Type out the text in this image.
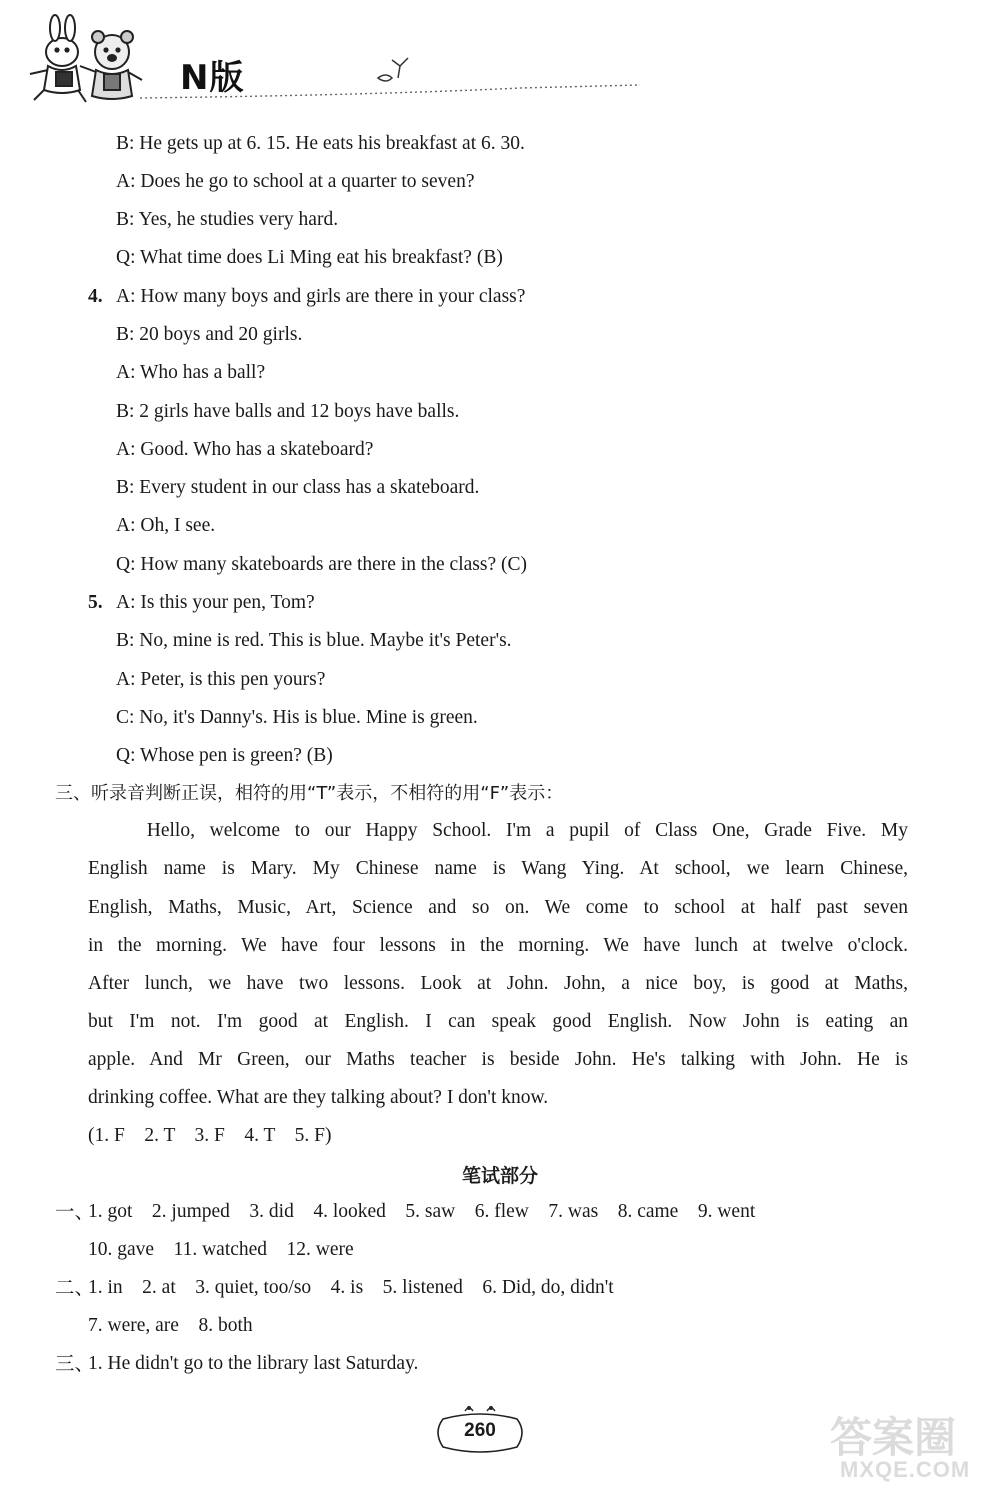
N版
B: He gets up at 6. 15. He eats his breakfast at 6. 30.
A: Does he go to school at a quarter to seven?
B: Yes, he studies very hard.
Q: What time does Li Ming eat his breakfast? (B)
4. A: How many boys and girls are there in your class?
B: 20 boys and 20 girls.
A: Who has a ball?
B: 2 girls have balls and 12 boys have balls.
A: Good. Who has a skateboard?
B: Every student in our class has a skateboard.
A: Oh, I see.
Q: How many skateboards are there in the class? (C)
5. A: Is this your pen, Tom?
B: No, mine is red. This is blue. Maybe it's Peter's.
A: Peter, is this pen yours?
C: No, it's Danny's. His is blue. Mine is green.
Q: Whose pen is green? (B)
三、听录音判断正误，相符的用“T”表示，不相符的用“F”表示：
　　Hello, welcome to our Happy School. I'm a pupil of Class One, Grade Five. My
English name is Mary. My Chinese name is Wang Ying. At school, we learn Chinese,
English, Maths, Music, Art, Science and so on. We come to school at half past seven
in the morning. We have four lessons in the morning. We have lunch at twelve o'clock.
After lunch, we have two lessons. Look at John. John, a nice boy, is good at Maths,
but I'm not. I'm good at English. I can speak good English. Now John is eating an
apple. And Mr Green, our Maths teacher is beside John. He's talking with John. He is
drinking coffee. What are they talking about? I don't know.
(1. F　2. T　3. F　4. T　5. F)
笔试部分
一、
1. got　2. jumped　3. did　4. looked　5. saw　6. flew　7. was　8. came　9. went
10. gave　11. watched　12. were
二、
1. in　2. at　3. quiet, too/so　4. is　5. listened　6. Did, do, didn't
7. were, are　8. both
三、
1. He didn't go to the library last Saturday.
260	答案圈
MXQE.COM
